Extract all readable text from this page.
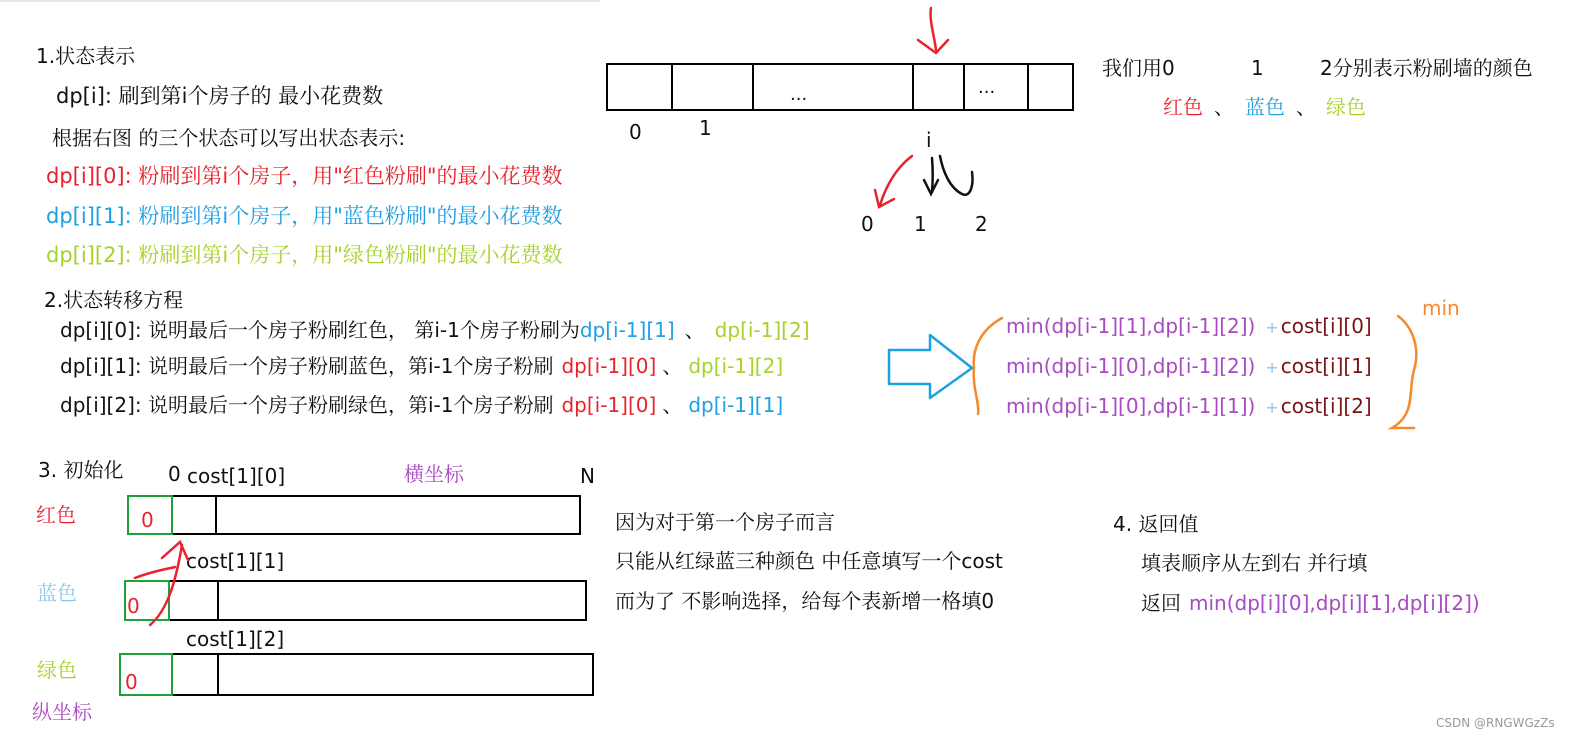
1.状态表示
dp[i]: 刷到第i个房子的 最小花费数
根据右图 的三个状态可以写出状态表示:
dp[i][0]: 粉刷到第i个房子，用"红色粉刷"的最小花费数
dp[i][1]: 粉刷到第i个房子，用"蓝色粉刷"的最小花费数
dp[i][2]: 粉刷到第i个房子，用"绿色粉刷"的最小花费数
...	...
0	1	i
0 1 2
我们用0	1	2分别表示粉刷墙的颜色
红色 、 蓝色 、 绿色
2.状态转移方程
dp[i][0]: 说明最后一个房子粉刷红色， 第i-1个房子粉刷为dp[i-1][1] 、 dp[i-1][2]
dp[i][1]: 说明最后一个房子粉刷蓝色，第i-1个房子粉刷 dp[i-1][0] 、 dp[i-1][2]
dp[i][2]: 说明最后一个房子粉刷绿色，第i-1个房子粉刷 dp[i-1][0] 、 dp[i-1][1]
min(dp[i-1][1],dp[i-1][2]) + cost[i][0]
min(dp[i-1][0],dp[i-1][2]) + cost[i][1]
min(dp[i-1][0],dp[i-1][1]) + cost[i][2]
min
3. 初始化 0 cost[1][0]	横坐标	N
红色
蓝色
绿色
纵坐标
0
cost[1][1]
0
cost[1][2]
0
因为对于第一个房子而言
只能从红绿蓝三种颜色 中任意填写一个cost
而为了 不影响选择，给每个表新增一格填0
4. 返回值
填表顺序从左到右 并行填
返回 min(dp[i][0],dp[i][1],dp[i][2])
CSDN @RNGWGzZs
